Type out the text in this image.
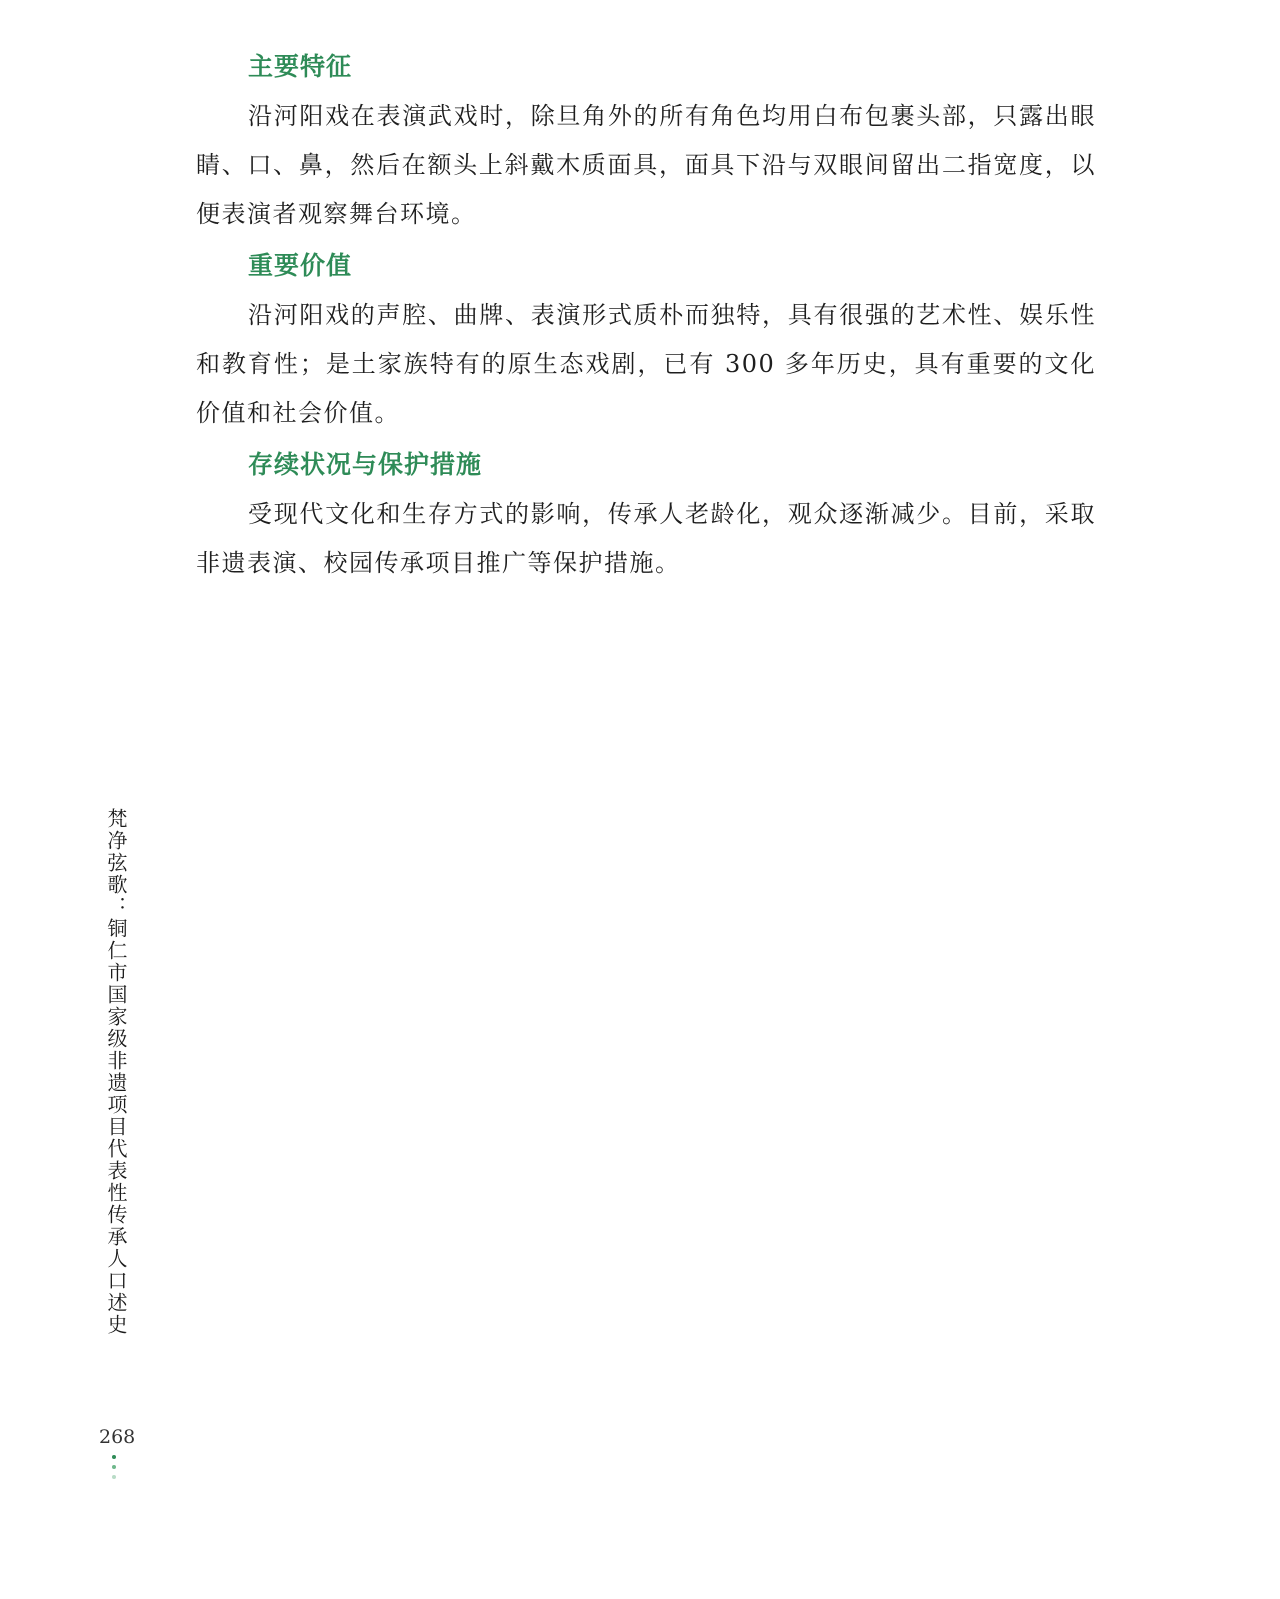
主要特征

沿河阳戏在表演武戏时，除旦角外的所有角色均用白布包裹头部，只露出眼睛、口、鼻，然后在额头上斜戴木质面具，面具下沿与双眼间留出二指宽度，以便表演者观察舞台环境。

重要价值

沿河阳戏的声腔、曲牌、表演形式质朴而独特，具有很强的艺术性、娱乐性和教育性；是土家族特有的原生态戏剧，已有 300 多年历史，具有重要的文化价值和社会价值。

存续状况与保护措施

受现代文化和生存方式的影响，传承人老龄化，观众逐渐减少。目前，采取非遗表演、校园传承项目推广等保护措施。

梵净弦歌：铜仁市国家级非遗项目代表性传承人口述史
268
